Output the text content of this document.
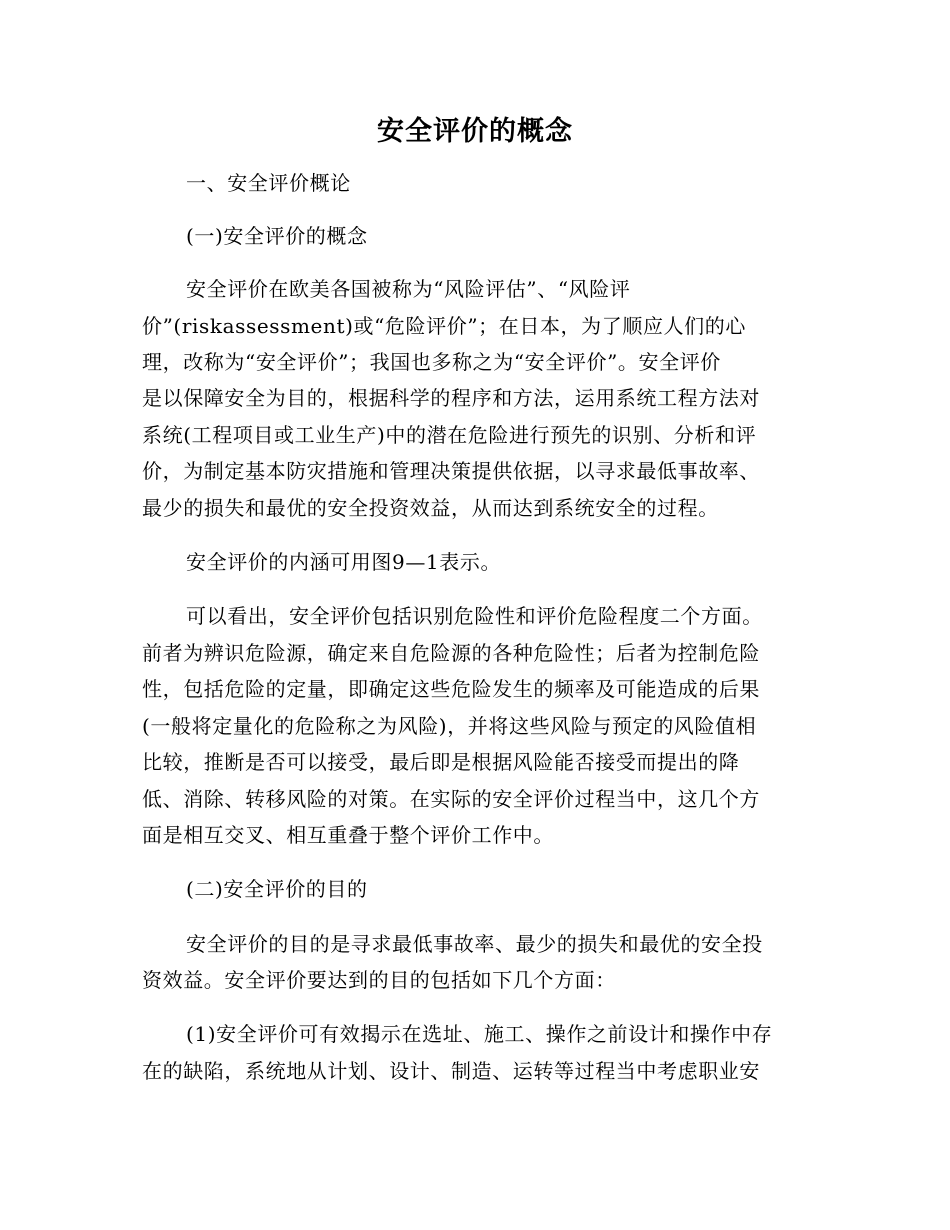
安全评价的概念
一、安全评价概论
(一)安全评价的概念
安全评价在欧美各国被称为“风险评估”、“风险评
价”(riskassessment)或“危险评价”；在日本，为了顺应人们的心
理，改称为“安全评价”；我国也多称之为“安全评价”。安全评价
是以保障安全为目的，根据科学的程序和方法，运用系统工程方法对
系统(工程项目或工业生产)中的潜在危险进行预先的识别、分析和评
价，为制定基本防灾措施和管理决策提供依据，以寻求最低事故率、
最少的损失和最优的安全投资效益，从而达到系统安全的过程。
安全评价的内涵可用图9—1表示。
可以看出，安全评价包括识别危险性和评价危险程度二个方面。
前者为辨识危险源，确定来自危险源的各种危险性；后者为控制危险
性，包括危险的定量，即确定这些危险发生的频率及可能造成的后果
(一般将定量化的危险称之为风险)，并将这些风险与预定的风险值相
比较，推断是否可以接受，最后即是根据风险能否接受而提出的降
低、消除、转移风险的对策。在实际的安全评价过程当中，这几个方
面是相互交叉、相互重叠于整个评价工作中。
(二)安全评价的目的
安全评价的目的是寻求最低事故率、最少的损失和最优的安全投
资效益。安全评价要达到的目的包括如下几个方面：
(1)安全评价可有效揭示在选址、施工、操作之前设计和操作中存
在的缺陷，系统地从计划、设计、制造、运转等过程当中考虑职业安
